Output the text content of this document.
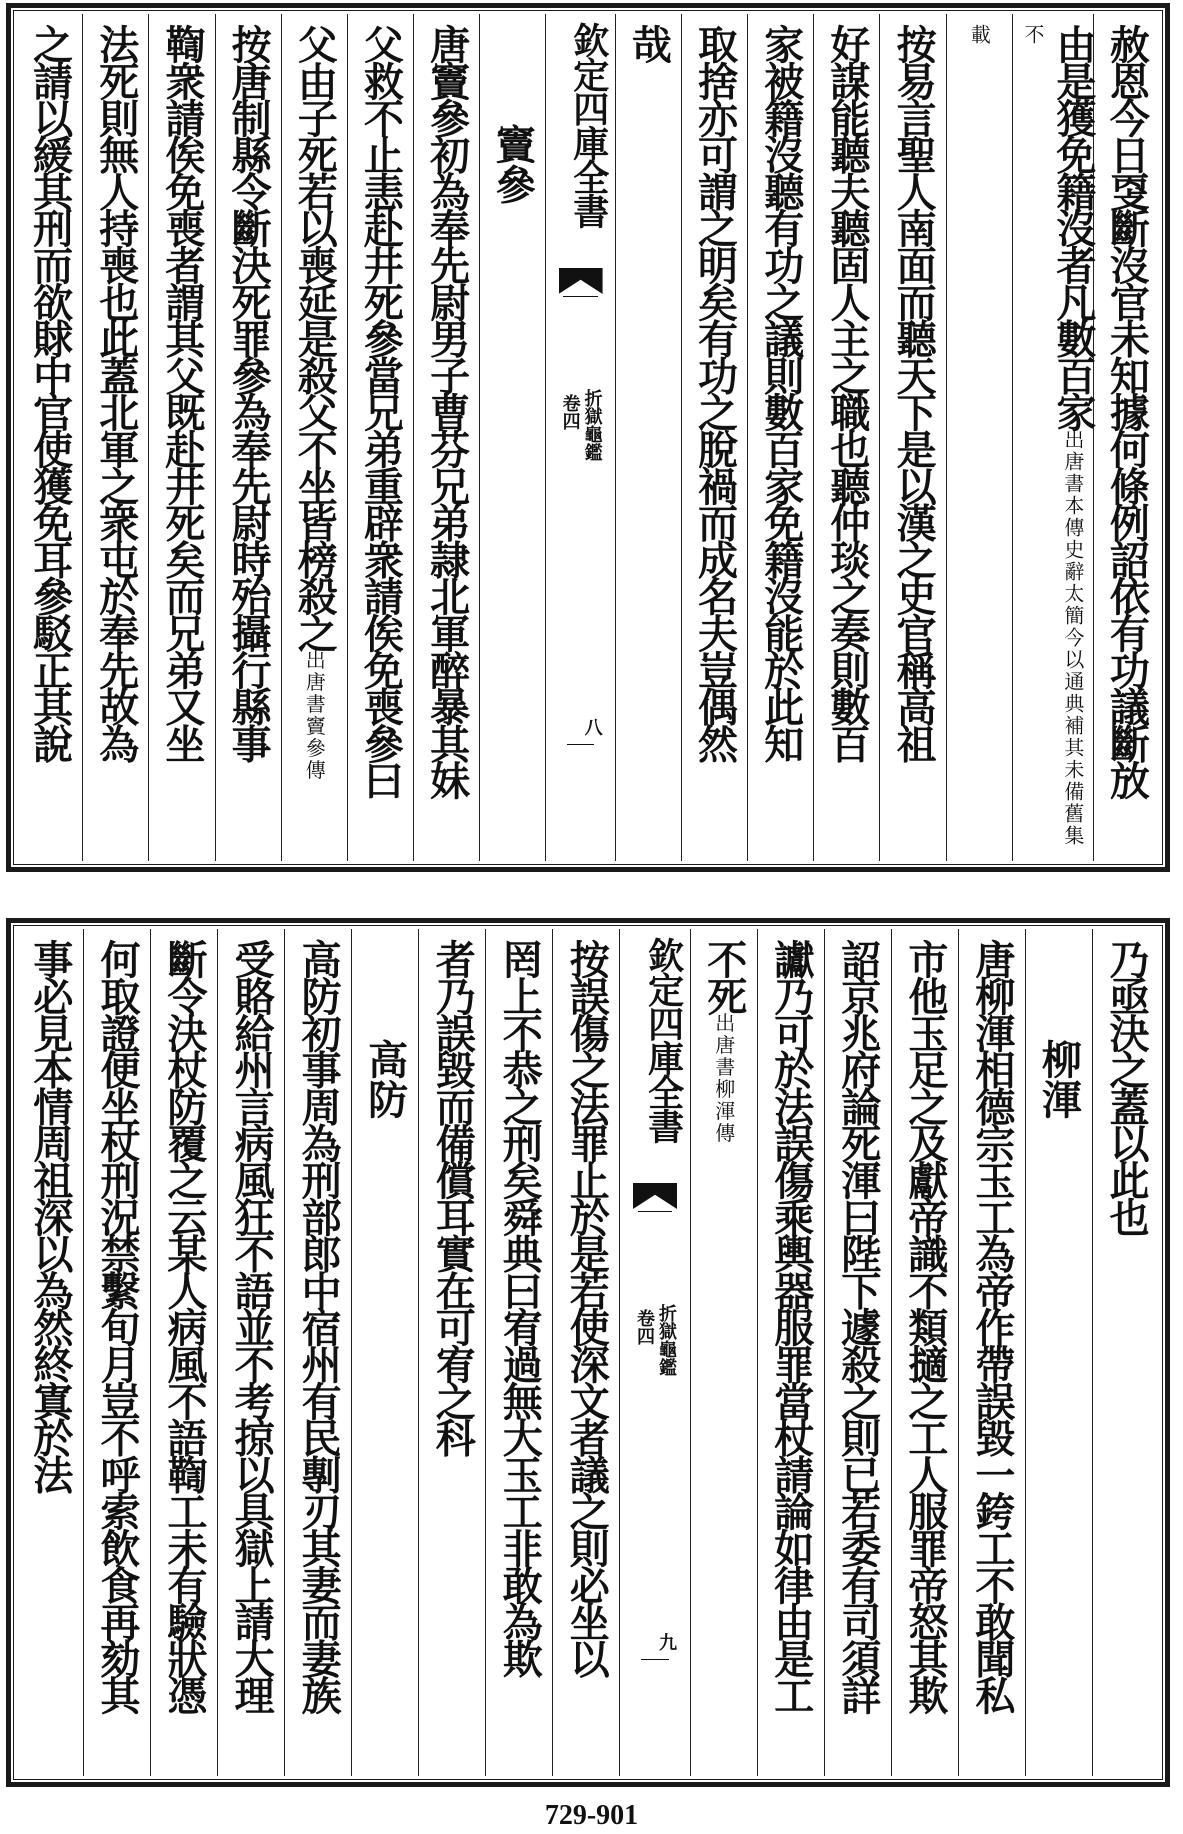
赦恩今日㪅斷沒官未知據何條例詔依有功議斷放
由是獲免籍沒者凡數百家出唐書本傳史辭太簡今以通典補其未備舊集不
載
按易言聖人南面而聽天下是以漢之史官稱高祖
好謀能聽夫聽固人主之職也聽仲琰之奏則數百
家被籍沒聽有功之議則數百家免籍沒能於此知
取捨亦可謂之明矣有功之脫禍而成名夫豈偶然
哉
欽定四庫全書
折獄龜鑑
卷四
八
竇參
唐竇參初為奉先尉男子曹芬兄弟隷北軍醉暴其妹
父救不止恚赴井死參當兄弟重辟衆請俟免喪參曰
父由子死若以喪延是殺父不坐皆榜殺之出唐書竇參傳
按唐制縣令斷決死罪參為奉先尉時殆攝行縣事
鞫衆請俟免喪者謂其父既赴井死矣而兄弟又坐
法死則無人持喪也此蓋北軍之衆屯於奉先故為
之請以緩其刑而欲賕中官使獲免耳參駁正其說
乃亟決之蓋以此也
柳渾
唐柳渾相德宗玉工為帝作帶誤毀一銙工不敢聞私
市他玉足之及獻帝識不類擿之工人服罪帝怒其欺
詔京兆府論死渾曰陛下遽殺之則已若委有司須詳
讞乃可於法誤傷乘輿器服罪當杖請論如律由是工
不死出唐書柳渾傳
欽定四庫全書
折獄龜鑑
卷四
九
按誤傷之法罪止於是若使深文者議之則必坐以
罔上不恭之刑矣舜典曰宥過無大玉工非敢為欺
者乃誤毀而備償耳實在可宥之科
高防
高防初事周為刑部郎中宿州有民剸刃其妻而妻族
受賂給州言病風狂不語並不考掠以具獄上請大理
斷令決杖防覆之云某人病風不語鞫工未有驗狀憑
何取證便坐杖刑況禁繫旬月豈不呼索飲食再劾其
事必見本情周祖深以為然終寘於法
729-901
